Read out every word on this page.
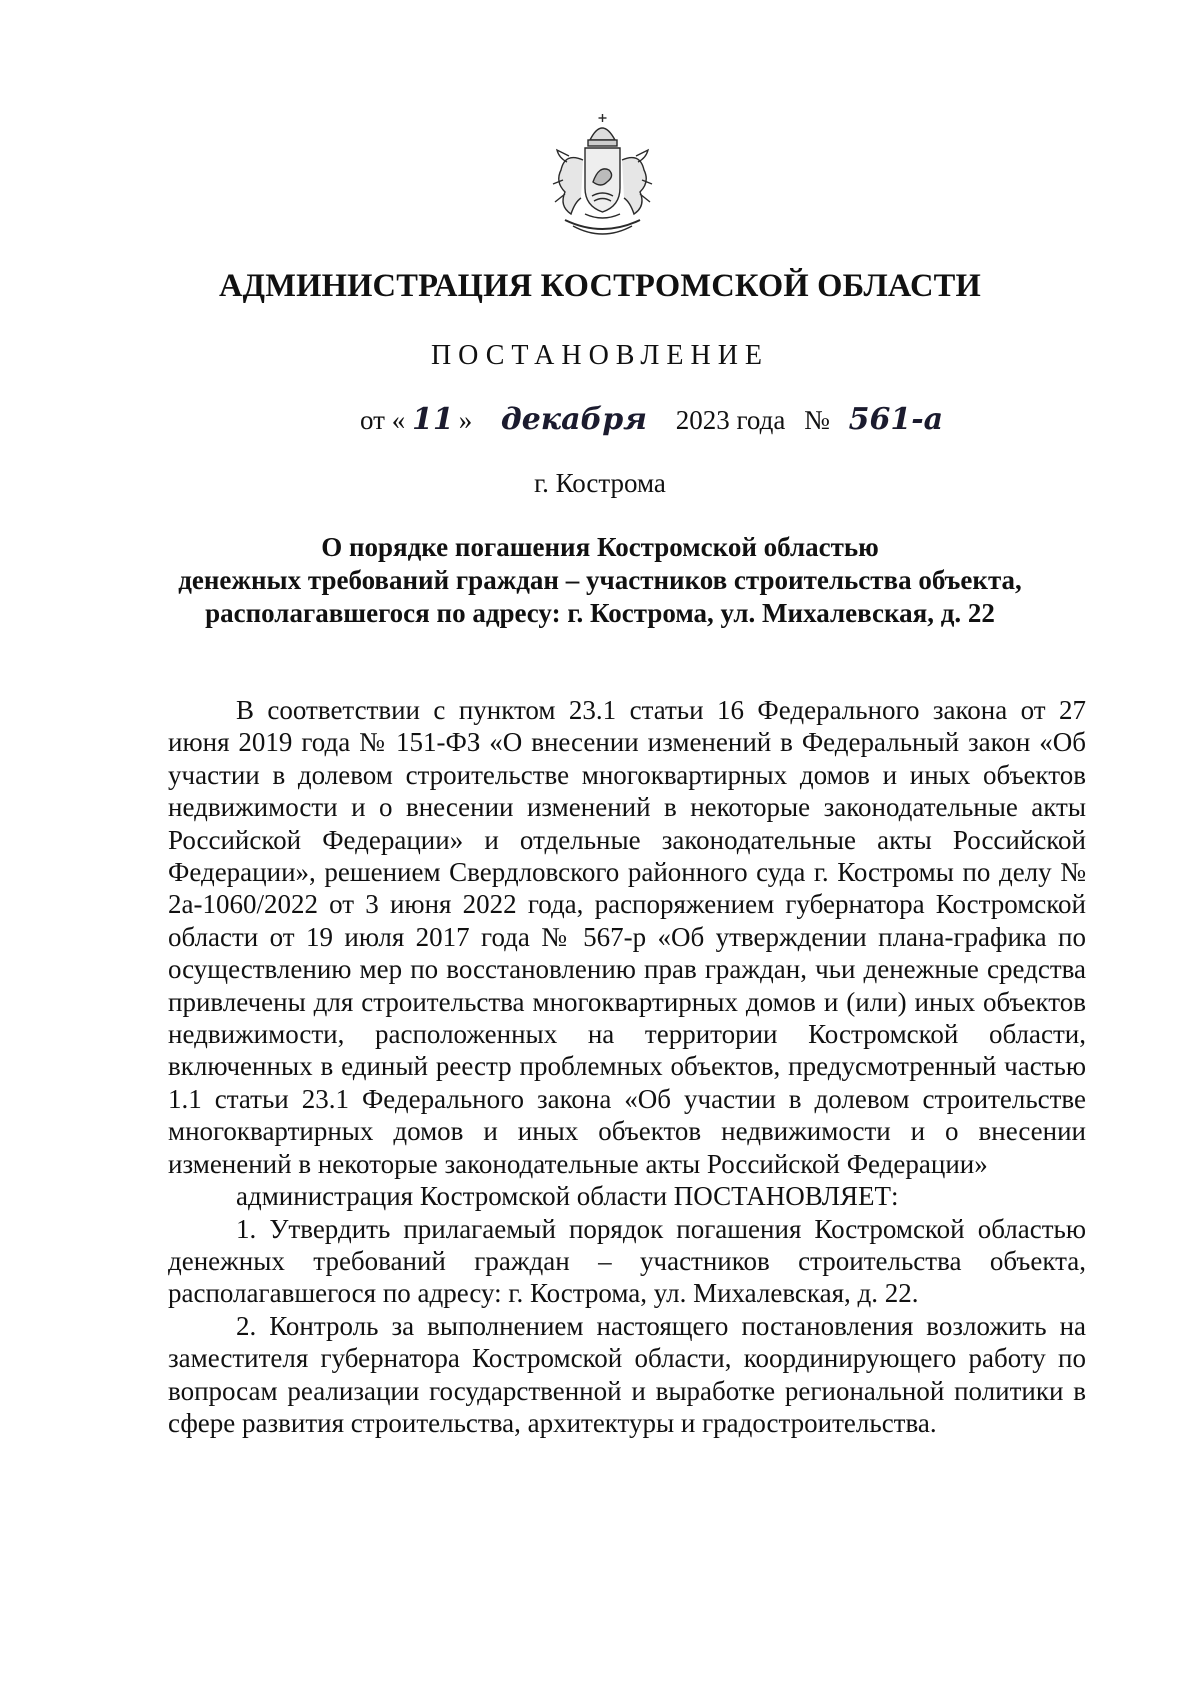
АДМИНИСТРАЦИЯ КОСТРОМСКОЙ ОБЛАСТИ
ПОСТАНОВЛЕНИЕ
от « 11 » декабря 2023 года № 561-а
г. Кострома
О порядке погашения Костромской областью
денежных требований граждан – участников строительства объекта,
располагавшегося по адресу: г. Кострома, ул. Михалевская, д. 22

В соответствии с пунктом 23.1 статьи 16 Федерального закона от 27 июня 2019 года № 151-ФЗ «О внесении изменений в Федеральный закон «Об участии в долевом строительстве многоквартирных домов и иных объектов недвижимости и о внесении изменений в некоторые законодательные акты Российской Федерации» и отдельные законодательные акты Российской Федерации», решением Свердловского районного суда г. Костромы по делу № 2а-1060/2022 от 3 июня 2022 года, распоряжением губернатора Костромской области от 19 июля 2017 года № 567-р «Об утверждении плана-графика по осуществлению мер по восстановлению прав граждан, чьи денежные средства привлечены для строительства многоквартирных домов и (или) иных объектов недвижимости, расположенных на территории Костромской области, включенных в единый реестр проблемных объектов, предусмотренный частью 1.1 статьи 23.1 Федерального закона «Об участии в долевом строительстве многоквартирных домов и иных объектов недвижимости и о внесении изменений в некоторые законодательные акты Российской Федерации»

администрация Костромской области ПОСТАНОВЛЯЕТ:

1. Утвердить прилагаемый порядок погашения Костромской областью денежных требований граждан – участников строительства объекта, располагавшегося по адресу: г. Кострома, ул. Михалевская, д. 22.

2. Контроль за выполнением настоящего постановления возложить на заместителя губернатора Костромской области, координирующего работу по вопросам реализации государственной и выработке региональной политики в сфере развития строительства, архитектуры и градостроительства.
